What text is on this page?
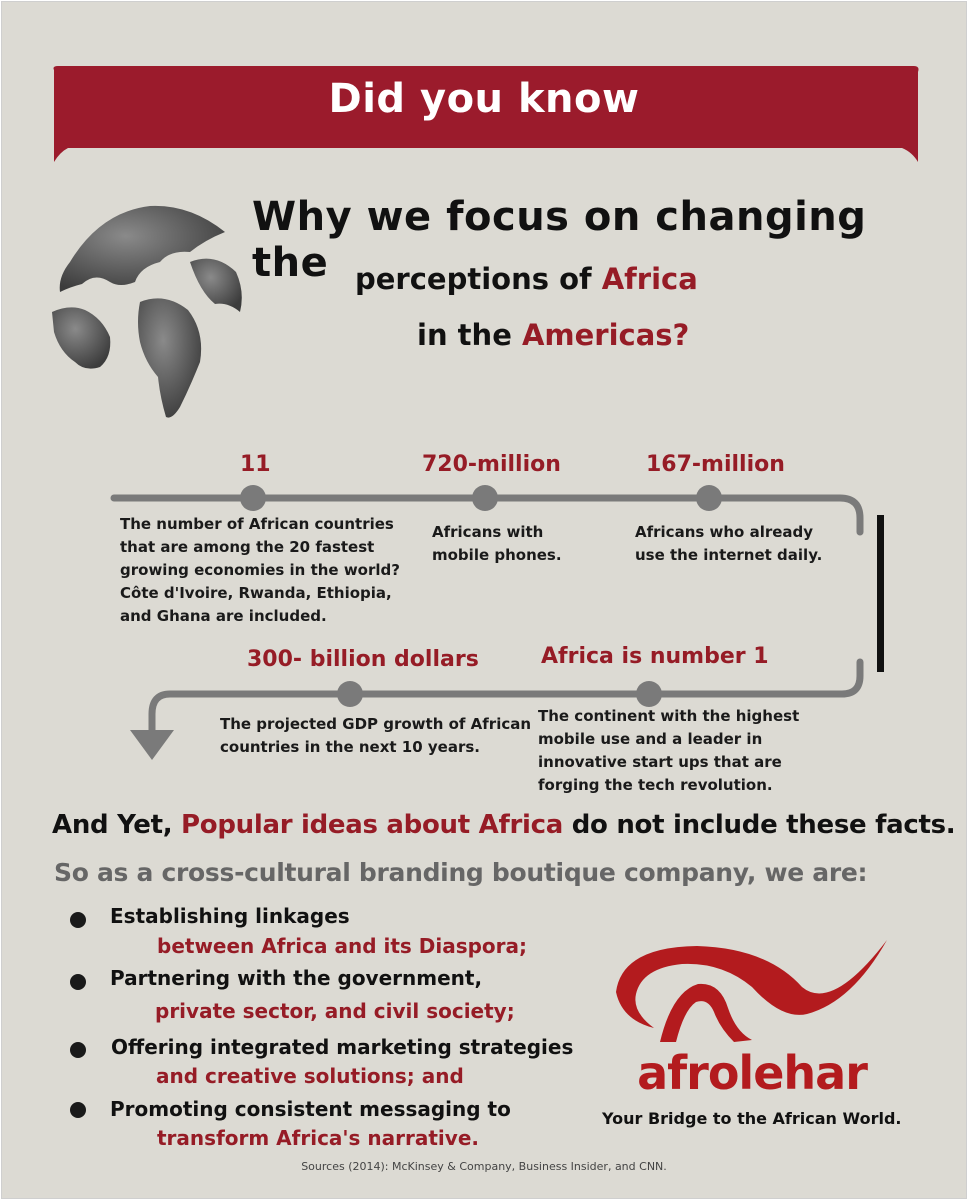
Did you know
Why we focus on changing the perceptions of Africa
in the Americas?
11
The number of African countries
that are among the 20 fastest
growing economies in the world?
Côte d'Ivoire, Rwanda, Ethiopia,
and Ghana are included.
720-million
Africans with
mobile phones.
167-million
Africans who already
use the internet daily.
300- billion dollars
The projected GDP growth of African
countries in the next 10 years.
Africa is number 1
The continent with the highest
mobile use and a leader in
innovative start ups that are
forging the tech revolution.
And Yet, Popular ideas about Africa do not include these facts.
So as a cross-cultural branding boutique company, we are:
Establishing linkages
between Africa and its Diaspora;
Partnering with the government,
private sector, and civil society;
Offering integrated marketing strategies
and creative solutions; and
Promoting consistent messaging to
transform Africa's narrative.
afrolehar
Your Bridge to the African World.
Sources (2014): McKinsey & Company, Business Insider, and CNN.
